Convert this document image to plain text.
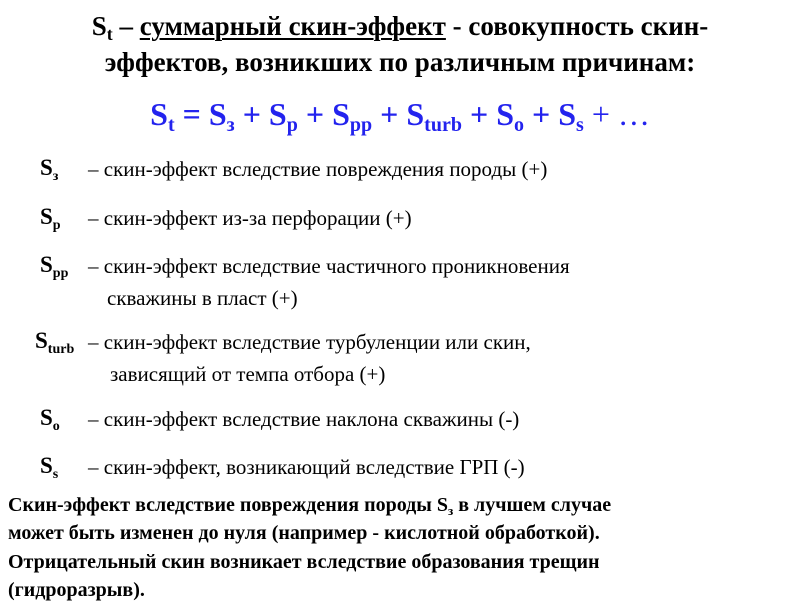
$S_t$ – суммарный скин-эффект - совокупность скин-
эффектов, возникших по различным причинам:
$S_t = S_з + S_р + S_{рр} + S_{turb} + S_о + S_s$ + …
$S_з$ – скин-эффект вследствие повреждения породы (+)
$S_р$ – скин-эффект из-за перфорации (+)
$S_{рр}$ – скин-эффект вследствие частичного проникновения
скважины в пласт (+)
$S_{turb}$ – скин-эффект вследствие турбуленции или скин,
зависящий от темпа отбора (+)
$S_о$ – скин-эффект вследствие наклона скважины (-)
$S_s$ – скин-эффект, возникающий вследствие ГРП (-)
Скин-эффект вследствие повреждения породы $S_з$ в лучшем случае
может быть изменен до нуля (например - кислотной обработкой).
Отрицательный скин возникает вследствие образования трещин
(гидроразрыв).
